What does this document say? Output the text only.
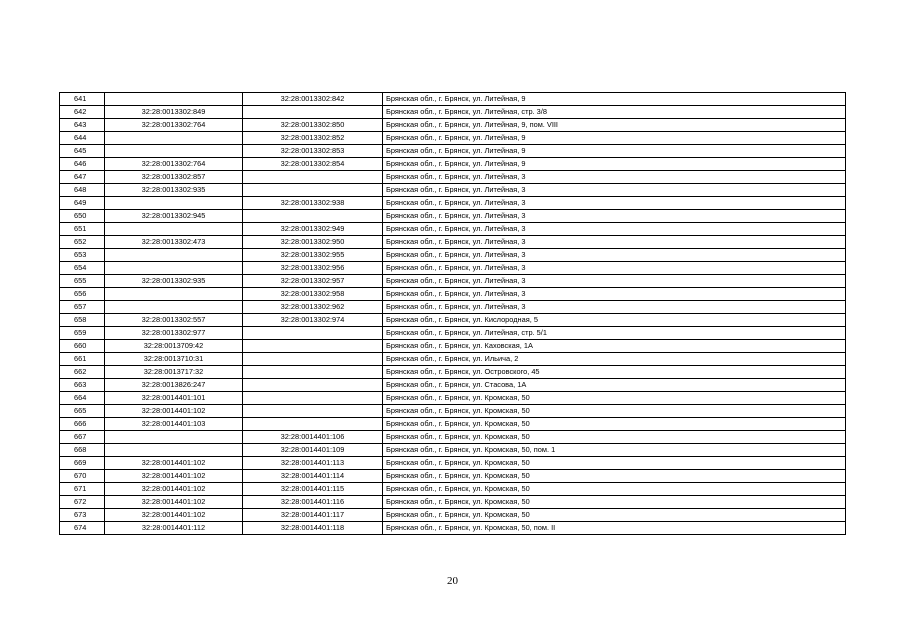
641		32:28:0013302:842	Брянская обл., г. Брянск, ул. Литейная, 9
642	32:28:0013302:849		Брянская обл., г. Брянск, ул. Литейная, стр. 3/8
643	32:28:0013302:764	32:28:0013302:850	Брянская обл., г. Брянск, ул. Литейная, 9, пом. VIII
644		32:28:0013302:852	Брянская обл., г. Брянск, ул. Литейная, 9
645		32:28:0013302:853	Брянская обл., г. Брянск, ул. Литейная, 9
646	32:28:0013302:764	32:28:0013302:854	Брянская обл., г. Брянск, ул. Литейная, 9
647	32:28:0013302:857		Брянская обл., г. Брянск, ул. Литейная, 3
648	32:28:0013302:935		Брянская обл., г. Брянск, ул. Литейная, 3
649		32:28:0013302:938	Брянская обл., г. Брянск, ул. Литейная, 3
650	32:28:0013302:945		Брянская обл., г. Брянск, ул. Литейная, 3
651		32:28:0013302:949	Брянская обл., г. Брянск, ул. Литейная, 3
652	32:28:0013302:473	32:28:0013302:950	Брянская обл., г. Брянск, ул. Литейная, 3
653		32:28:0013302:955	Брянская обл., г. Брянск, ул. Литейная, 3
654		32:28:0013302:956	Брянская обл., г. Брянск, ул. Литейная, 3
655	32:28:0013302:935	32:28:0013302:957	Брянская обл., г. Брянск, ул. Литейная, 3
656		32:28:0013302:958	Брянская обл., г. Брянск, ул. Литейная, 3
657		32:28:0013302:962	Брянская обл., г. Брянск, ул. Литейная, 3
658	32:28:0013302:557	32:28:0013302:974	Брянская обл., г. Брянск, ул. Кислородная, 5
659	32:28:0013302:977		Брянская обл., г. Брянск, ул. Литейная, стр. 5/1
660	32:28:0013709:42		Брянская обл., г. Брянск, ул. Каховская, 1А
661	32:28:0013710:31		Брянская обл., г. Брянск, ул. Ильича, 2
662	32:28:0013717:32		Брянская обл., г. Брянск, ул. Островского, 45
663	32:28:0013826:247		Брянская обл., г. Брянск, ул. Стасова, 1А
664	32:28:0014401:101		Брянская обл., г. Брянск, ул. Кромская, 50
665	32:28:0014401:102		Брянская обл., г. Брянск, ул. Кромская, 50
666	32:28:0014401:103		Брянская обл., г. Брянск, ул. Кромская, 50
667		32:28:0014401:106	Брянская обл., г. Брянск, ул. Кромская, 50
668		32:28:0014401:109	Брянская обл., г. Брянск, ул. Кромская, 50, пом. 1
669	32:28:0014401:102	32:28:0014401:113	Брянская обл., г. Брянск, ул. Кромская, 50
670	32:28:0014401:102	32:28:0014401:114	Брянская обл., г. Брянск, ул. Кромская, 50
671	32:28:0014401:102	32:28:0014401:115	Брянская обл., г. Брянск, ул. Кромская, 50
672	32:28:0014401:102	32:28:0014401:116	Брянская обл., г. Брянск, ул. Кромская, 50
673	32:28:0014401:102	32:28:0014401:117	Брянская обл., г. Брянск, ул. Кромская, 50
674	32:28:0014401:112	32:28:0014401:118	Брянская обл., г. Брянск, ул. Кромская, 50, пом. II
20
